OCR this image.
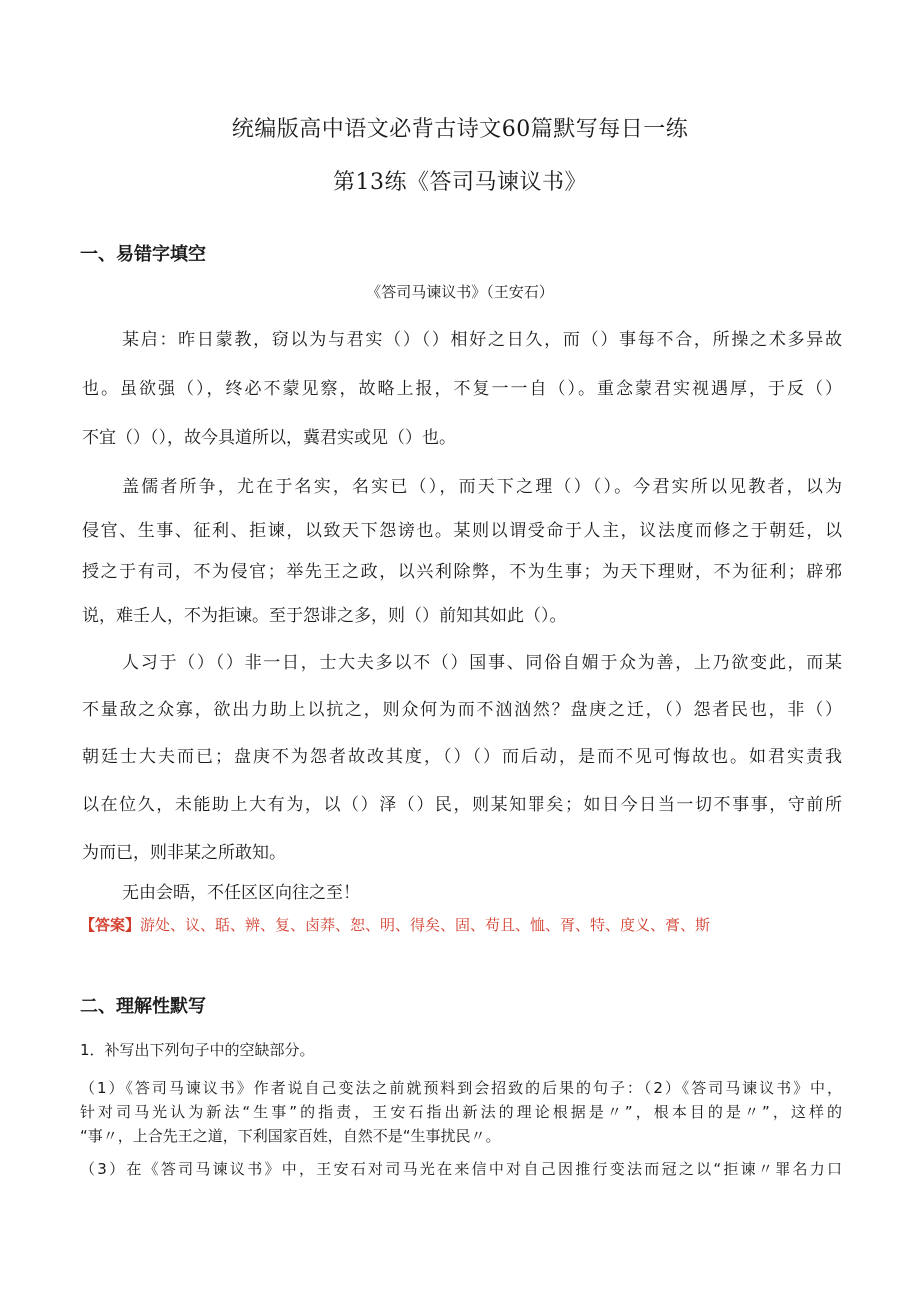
统编版高中语文必背古诗文60篇默写每日一练
第13练《答司马谏议书》
一、易错字填空
《答司马谏议书》（王安石）
某启：昨日蒙教，窃以为与君实（）（）相好之日久，而（）事每不合，所操之术多异故
也。虽欲强（），终必不蒙见察，故略上报，不复一一自（）。重念蒙君实视遇厚，于反（）
不宜（）（），故今具道所以，冀君实或见（）也。
盖儒者所争，尤在于名实，名实已（），而天下之理（）（）。今君实所以见教者，以为
侵官、生事、征利、拒谏，以致天下怨谤也。某则以谓受命于人主，议法度而修之于朝廷，以
授之于有司，不为侵官；举先王之政，以兴利除弊，不为生事；为天下理财，不为征利；辟邪
说，难壬人，不为拒谏。至于怨诽之多，则（）前知其如此（）。
人习于（）（）非一日，士大夫多以不（）国事、同俗自媚于众为善，上乃欲变此，而某
不量敌之众寡，欲出力助上以抗之，则众何为而不汹汹然？盘庚之迁，（）怨者民也，非（）
朝廷士大夫而已；盘庚不为怨者故改其度，（）（）而后动，是而不见可悔故也。如君实责我
以在位久，未能助上大有为，以（）泽（）民，则某知罪矣；如日今日当一切不事事，守前所
为而已，则非某之所敢知。
无由会晤，不任区区向往之至！
【答案】游处、议、聒、辨、复、卤莽、恕、明、得矣、固、苟且、恤、胥、特、度义、膏、斯
二、理解性默写
1．补写出下列句子中的空缺部分。
（1）《答司马谏议书》作者说自己变法之前就预料到会招致的后果的句子：（2）《答司马谏议书》中，
针对司马光认为新法“生事”的指责，王安石指出新法的理论根据是〃”，根本目的是〃”，这样的
“事〃，上合先王之道，下利国家百姓，自然不是“生事扰民〃。
（3）在《答司马谏议书》中，王安石对司马光在来信中对自己因推行变法而冠之以“拒谏〃罪名力口
